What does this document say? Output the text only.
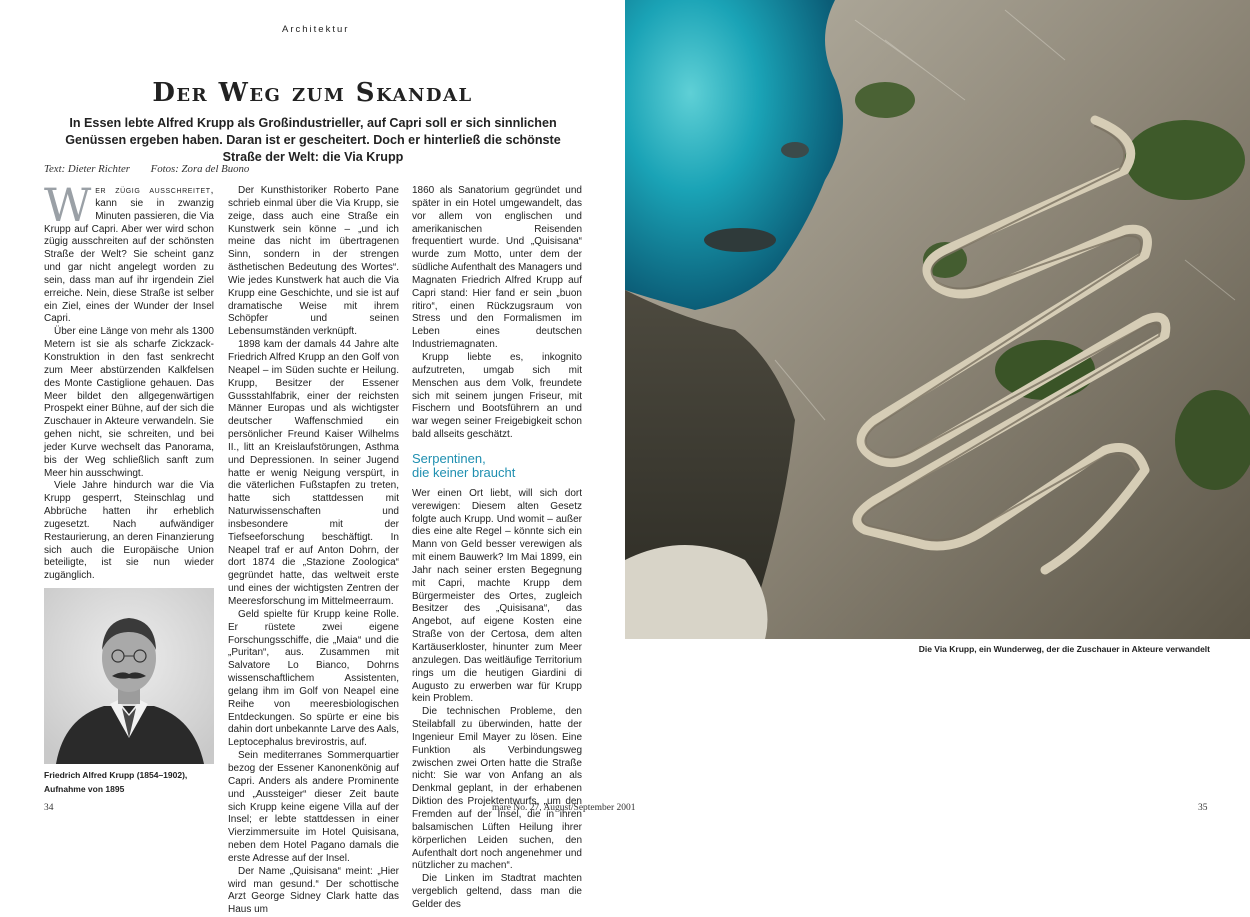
Architektur
Der Weg zum Skandal

In Essen lebte Alfred Krupp als Großindustrieller, auf Capri soll er sich sinnlichen Genüssen ergeben haben. Daran ist er gescheitert. Doch er hinterließ die schönste Straße der Welt: die Via Krupp

Text: Dieter Richter Fotos: Zora del Buono

Wer zügig ausschreitet, kann sie in zwanzig Minuten passieren, die Via Krupp auf Capri. Aber wer wird schon zügig ausschreiten auf der schönsten Straße der Welt? Sie scheint ganz und gar nicht angelegt worden zu sein, dass man auf ihr irgendein Ziel erreiche. Nein, diese Straße ist selber ein Ziel, eines der Wunder der Insel Capri.

Über eine Länge von mehr als 1300 Metern ist sie als scharfe Zickzack-Konstruktion in den fast senkrecht zum Meer abstürzenden Kalkfelsen des Monte Castiglione gehauen. Das Meer bildet den allgegenwärtigen Prospekt einer Bühne, auf der sich die Zuschauer in Akteure verwandeln. Sie gehen nicht, sie schreiten, und bei jeder Kurve wechselt das Panorama, bis der Weg schließlich sanft zum Meer hin ausschwingt.

Viele Jahre hindurch war die Via Krupp gesperrt, Steinschlag und Abbrüche hatten ihr erheblich zugesetzt. Nach aufwändiger Restaurierung, an deren Finanzierung sich auch die Europäische Union beteiligte, ist sie nun wieder zugänglich.

Der Kunsthistoriker Roberto Pane schrieb einmal über die Via Krupp, sie zeige, dass auch eine Straße ein Kunstwerk sein könne – „und ich meine das nicht im übertragenen Sinn, sondern in der strengen ästhetischen Bedeutung des Wortes“. Wie jedes Kunstwerk hat auch die Via Krupp eine Geschichte, und sie ist auf dramatische Weise mit ihrem Schöpfer und seinen Lebensumständen verknüpft.

1898 kam der damals 44 Jahre alte Friedrich Alfred Krupp an den Golf von Neapel – im Süden suchte er Heilung. Krupp, Besitzer der Essener Gussstahlfabrik, einer der reichsten Männer Europas und als wichtigster deutscher Waffenschmied ein persönlicher Freund Kaiser Wilhelms II., litt an Kreislaufstörungen, Asthma und Depressionen. In seiner Jugend hatte er wenig Neigung verspürt, in die väterlichen Fußstapfen zu treten, hatte sich stattdessen mit Naturwissenschaften und insbesondere mit der Tiefseeforschung beschäftigt. In Neapel traf er auf Anton Dohrn, der dort 1874 die „Stazione Zoologica“ gegründet hatte, das weltweit erste und eines der wichtigsten Zentren der Meeresforschung im Mittelmeerraum.

Geld spielte für Krupp keine Rolle. Er rüstete zwei eigene Forschungsschiffe, die „Maia“ und die „Puritan“, aus. Zusammen mit Salvatore Lo Bianco, Dohrns wissenschaftlichem Assistenten, gelang ihm im Golf von Neapel eine Reihe von meeresbiologischen Entdeckungen. So spürte er eine bis dahin dort unbekannte Larve des Aals, Leptocephalus brevirostris, auf.

Sein mediterranes Sommerquartier bezog der Essener Kanonenkönig auf Capri. Anders als andere Prominente und „Aussteiger“ dieser Zeit baute sich Krupp keine eigene Villa auf der Insel; er lebte stattdessen in einer Vierzimmersuite im Hotel Quisisana, neben dem Hotel Pagano damals die erste Adresse auf der Insel.

Der Name „Quisisana“ meint: „Hier wird man gesund.“ Der schottische Arzt George Sidney Clark hatte das Haus um

1860 als Sanatorium gegründet und später in ein Hotel umgewandelt, das vor allem von englischen und amerikanischen Reisenden frequentiert wurde. Und „Quisisana“ wurde zum Motto, unter dem der südliche Aufenthalt des Managers und Magnaten Friedrich Alfred Krupp auf Capri stand: Hier fand er sein „buon ritiro“, einen Rückzugsraum von Stress und den Formalismen im Leben eines deutschen Industriemagnaten.

Krupp liebte es, inkognito aufzutreten, umgab sich mit Menschen aus dem Volk, freundete sich mit seinem jungen Friseur, mit Fischern und Bootsführern an und war wegen seiner Freigebigkeit schon bald allseits geschätzt.

Serpentinen,
die keiner braucht

Wer einen Ort liebt, will sich dort verewigen: Diesem alten Gesetz folgte auch Krupp. Und womit – außer dies eine alte Regel – könnte sich ein Mann von Geld besser verewigen als mit einem Bauwerk? Im Mai 1899, ein Jahr nach seiner ersten Begegnung mit Capri, machte Krupp dem Bürgermeister des Ortes, zugleich Besitzer des „Quisisana“, das Angebot, auf eigene Kosten eine Straße von der Certosa, dem alten Kartäuserkloster, hinunter zum Meer anzulegen. Das weitläufige Territorium rings um die heutigen Giardini di Augusto zu erwerben war für Krupp kein Problem.

Die technischen Probleme, den Steilabfall zu überwinden, hatte der Ingenieur Emil Mayer zu lösen. Eine Funktion als Verbindungsweg zwischen zwei Orten hatte die Straße nicht: Sie war von Anfang an als Denkmal geplant, in der erhabenen Diktion des Projektentwurfs, „um den Fremden auf der Insel, die in ihren balsamischen Lüften Heilung ihrer körperlichen Leiden suchen, den Aufenthalt dort noch angenehmer und nützlicher zu machen“.

Die Linken im Stadtrat machten vergeblich geltend, dass man die Gelder des

Friedrich Alfred Krupp (1854–1902),
Aufnahme von 1895
34	mare No. 27, August/September 2001
Die Via Krupp, ein Wunderweg, der die Zuschauer in Akteure verwandelt
35
